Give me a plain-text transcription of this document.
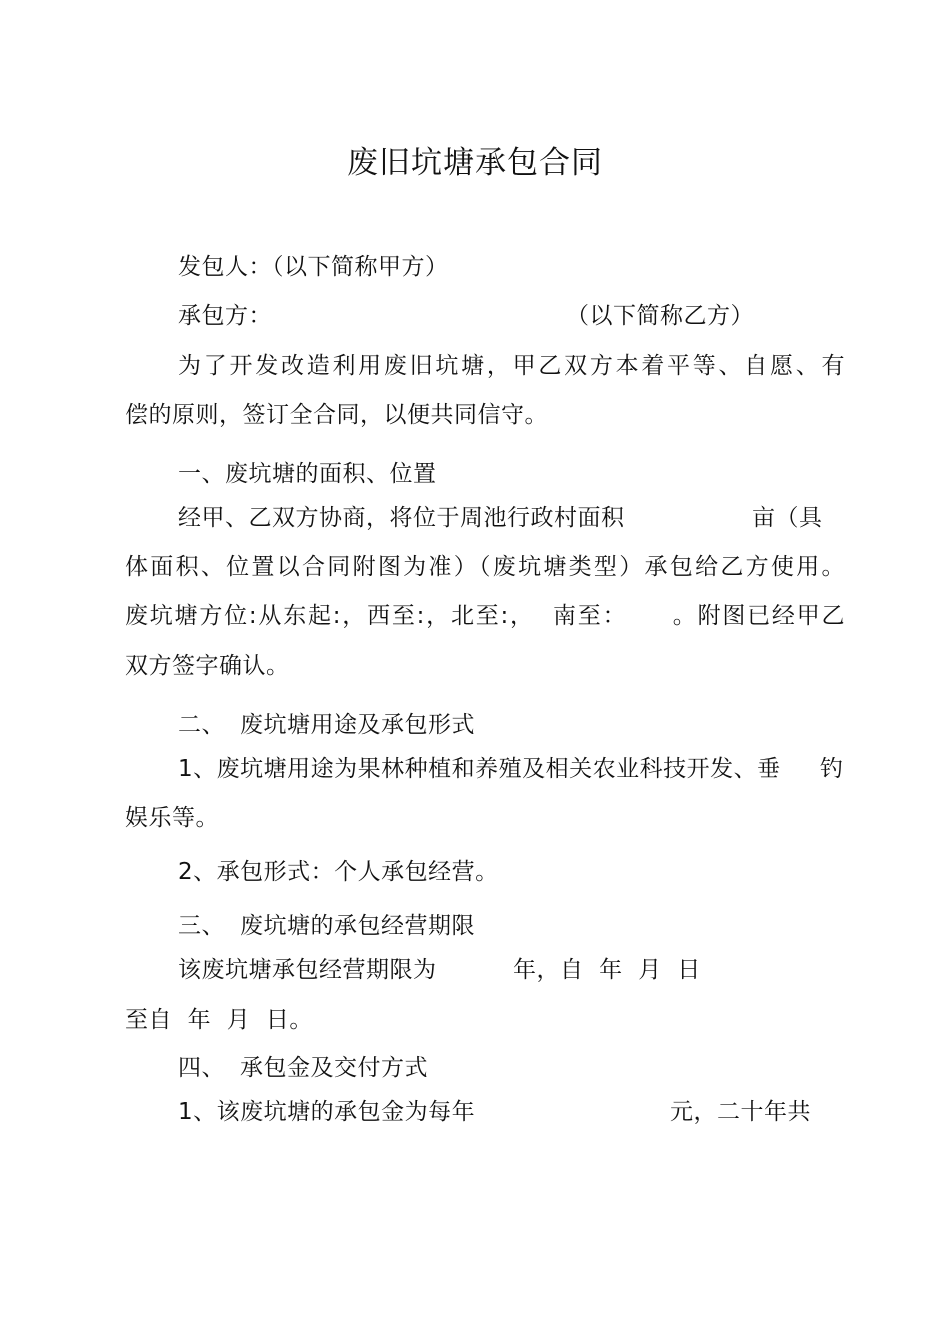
废旧坑塘承包合同
发包人：（以下简称甲方）
承包方：	（以下简称乙方）
为了开发改造利用废旧坑塘，甲乙双方本着平等、自愿、有
偿的原则，签订全合同，以便共同信守。
一、废坑塘的面积、位置
经甲、乙双方协商，将位于周池行政村面积	亩（具
体面积、位置以合同附图为准）（废坑塘类型）承包给乙方使用。
废坑塘方位:从东起:，西至:，北至:，  南至：     。附图已经甲乙
双方签字确认。
二、 废坑塘用途及承包形式
1、废坑塘用途为果林种植和养殖及相关农业科技开发、垂 钓
娱乐等。
2、承包形式：个人承包经营。
三、 废坑塘的承包经营期限
该废坑塘承包经营期限为	年，自  年  月  日
至自  年  月  日。
四、 承包金及交付方式
1、该废坑塘的承包金为每年	元，二十年共
